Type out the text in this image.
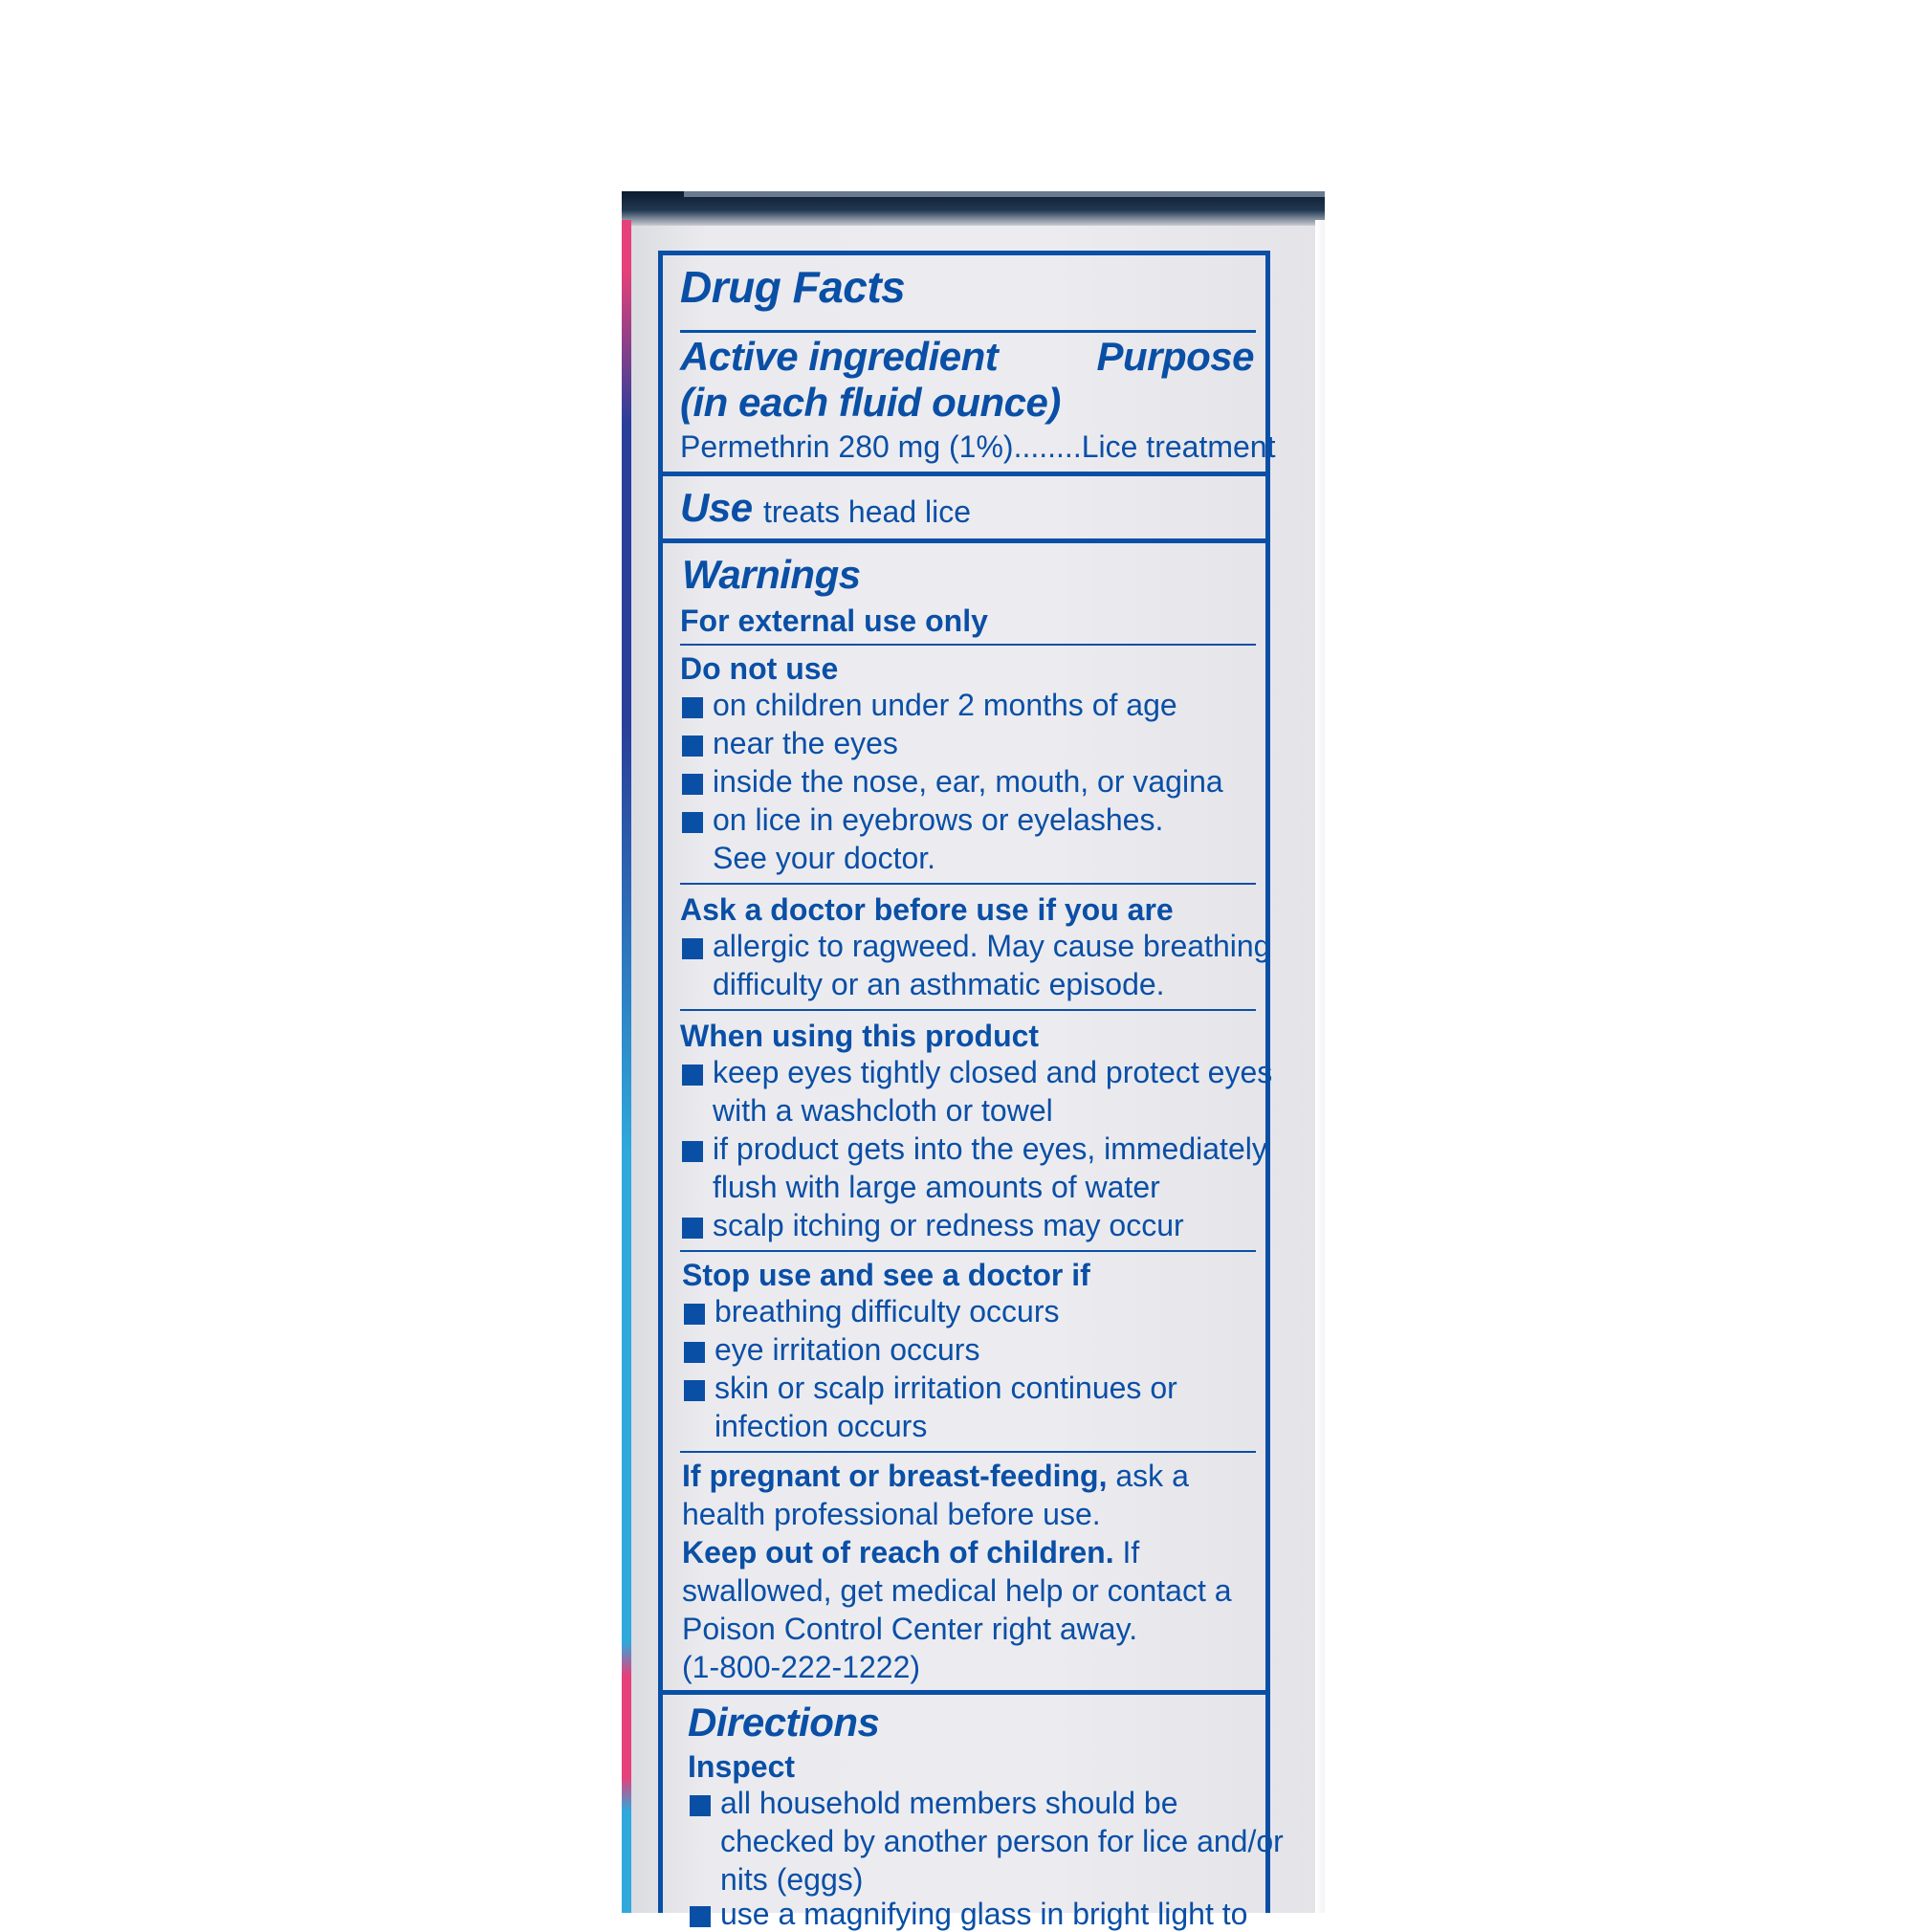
Drug Facts
Active ingredient Purpose
(in each fluid ounce)
Permethrin 280 mg (1%)........Lice treatment
Use treats head lice
Warnings
For external use only
Do not use
on children under 2 months of age
near the eyes
inside the nose, ear, mouth, or vagina
on lice in eyebrows or eyelashes.
See your doctor.
Ask a doctor before use if you are
allergic to ragweed. May cause breathing
difficulty or an asthmatic episode.
When using this product
keep eyes tightly closed and protect eyes
with a washcloth or towel
if product gets into the eyes, immediately
flush with large amounts of water
scalp itching or redness may occur
Stop use and see a doctor if
breathing difficulty occurs
eye irritation occurs
skin or scalp irritation continues or
infection occurs
If pregnant or breast-feeding, ask a
health professional before use.
Keep out of reach of children. If
swallowed, get medical help or contact a
Poison Control Center right away.
(1-800-222-1222)
Directions
Inspect
all household members should be
checked by another person for lice and/or
nits (eggs)
use a magnifying glass in bright light to
